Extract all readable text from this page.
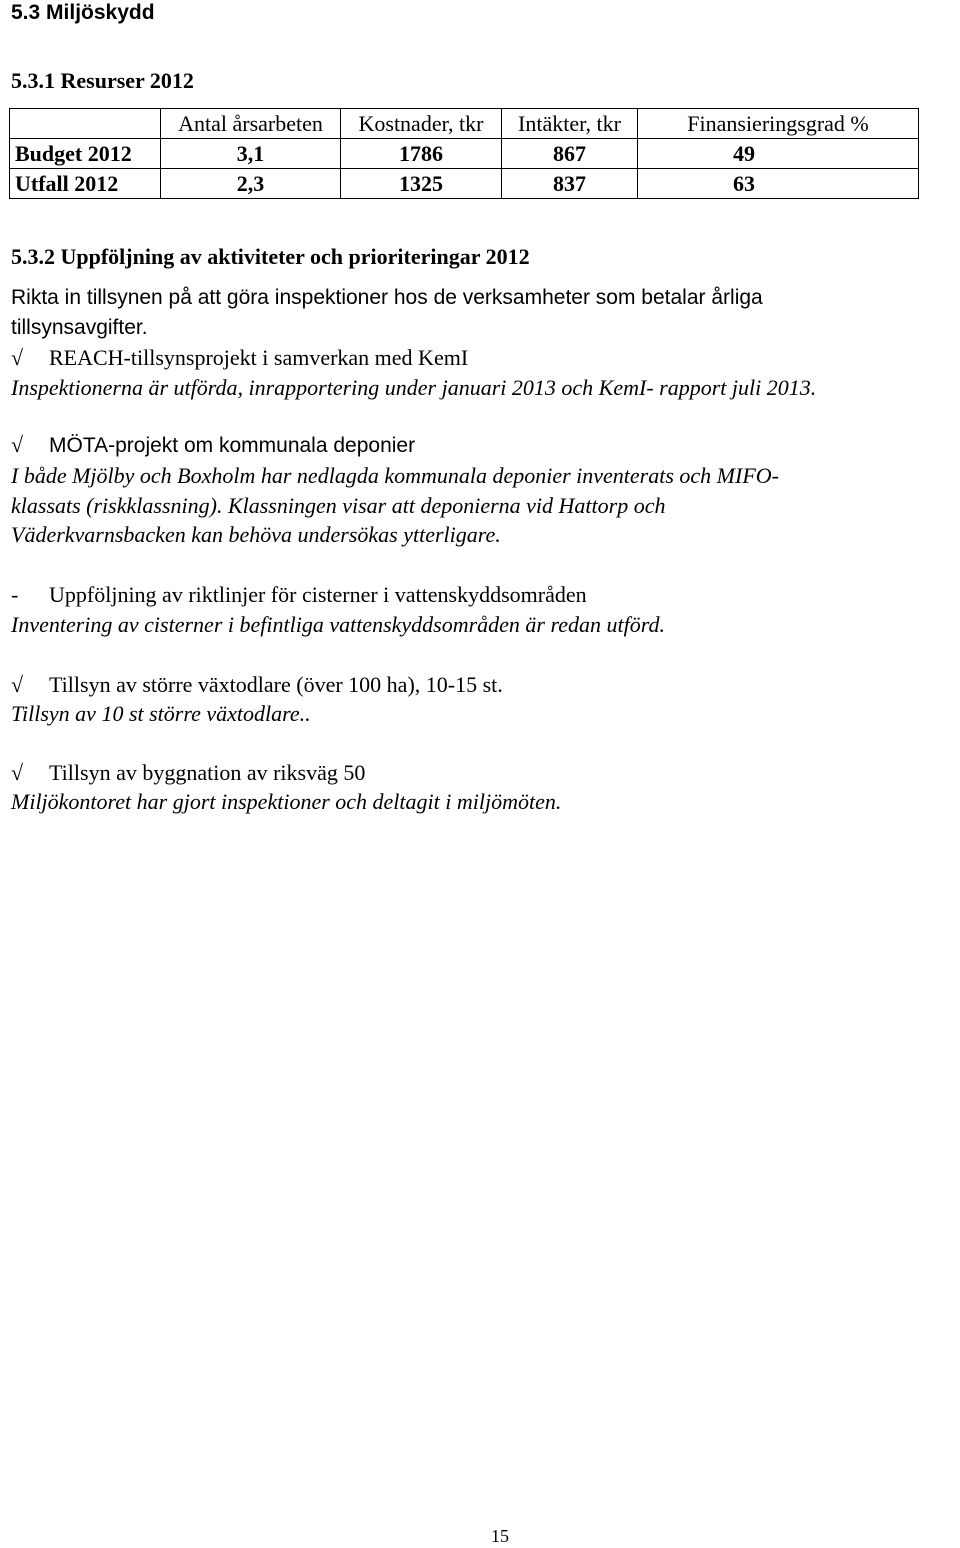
5.3 Miljöskydd
5.3.1 Resurser 2012
	Antal årsarbeten	Kostnader, tkr	Intäkter, tkr	Finansieringsgrad %
Budget 2012	3,1	1786	867	49
Utfall 2012	2,3	1325	837	63
5.3.2 Uppföljning av aktiviteter och prioriteringar 2012
Rikta in tillsynen på att göra inspektioner hos de verksamheter som betalar årliga
tillsynsavgifter.
√ REACH-tillsynsprojekt i samverkan med KemI
Inspektionerna är utförda, inrapportering under januari 2013 och KemI- rapport juli 2013.
√ MÖTA-projekt om kommunala deponier
I både Mjölby och Boxholm har nedlagda kommunala deponier inventerats och MIFO-
klassats (riskklassning). Klassningen visar att deponierna vid Hattorp och
Väderkvarnsbacken kan behöva undersökas ytterligare.
- Uppföljning av riktlinjer för cisterner i vattenskyddsområden
Inventering av cisterner i befintliga vattenskyddsområden är redan utförd.
√ Tillsyn av större växtodlare (över 100 ha), 10-15 st.
Tillsyn av 10 st större växtodlare..
√ Tillsyn av byggnation av riksväg 50
Miljökontoret har gjort inspektioner och deltagit i miljömöten.
15
